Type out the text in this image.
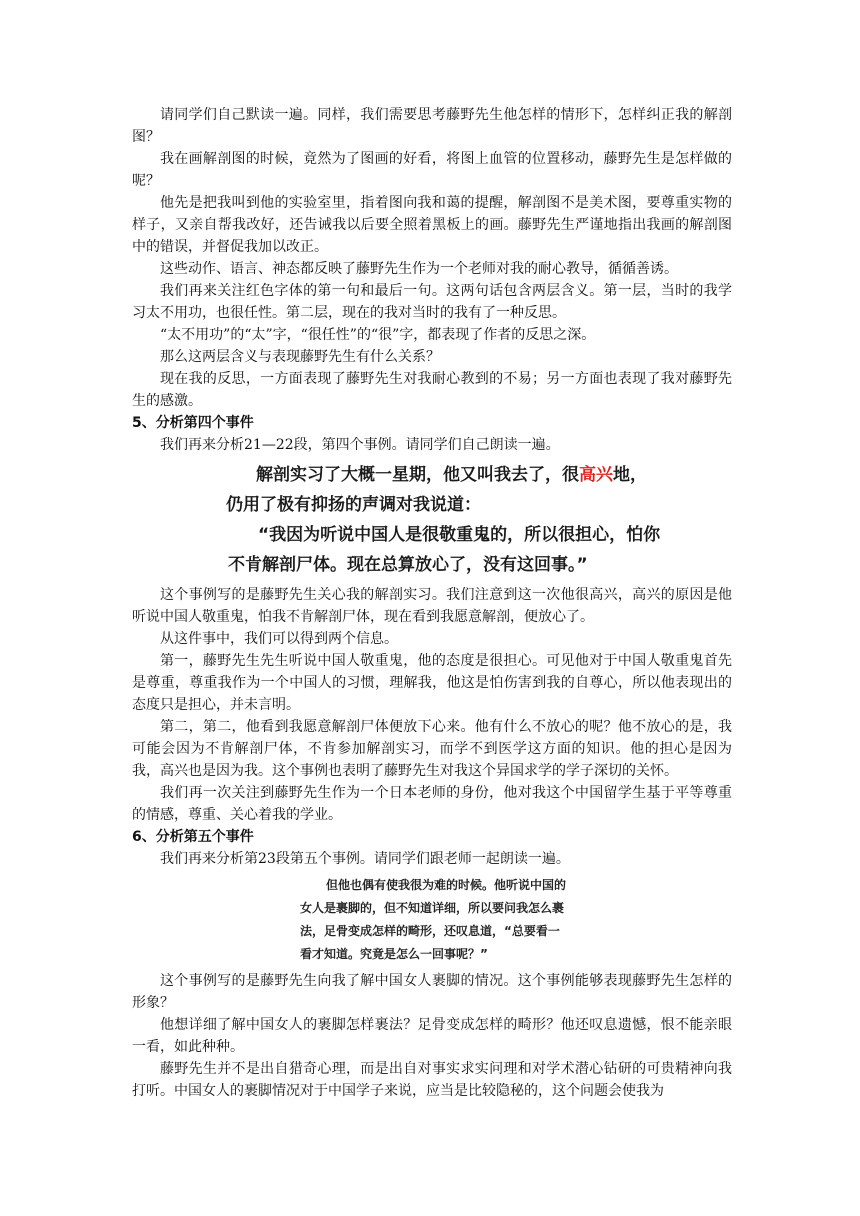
请同学们自己默读一遍。同样，我们需要思考藤野先生他怎样的情形下，怎样纠正我的解剖图？

我在画解剖图的时候，竟然为了图画的好看，将图上血管的位置移动，藤野先生是怎样做的呢？

他先是把我叫到他的实验室里，指着图向我和蔼的提醒，解剖图不是美术图，要尊重实物的样子，又亲自帮我改好，还告诫我以后要全照着黑板上的画。藤野先生严谨地指出我画的解剖图中的错误，并督促我加以改正。

这些动作、语言、神态都反映了藤野先生作为一个老师对我的耐心教导，循循善诱。

我们再来关注红色字体的第一句和最后一句。这两句话包含两层含义。第一层，当时的我学习太不用功，也很任性。第二层，现在的我对当时的我有了一种反思。

“太不用功”的“太”字，“很任性”的“很”字，都表现了作者的反思之深。

那么这两层含义与表现藤野先生有什么关系？

现在我的反思，一方面表现了藤野先生对我耐心教到的不易；另一方面也表现了我对藤野先生的感激。

5、分析第四个事件

我们再来分析21—22段，第四个事例。请同学们自己朗读一遍。

解剖实习了大概一星期，他又叫我去了，很高兴地，
仍用了极有抑扬的声调对我说道：
“我因为听说中国人是很敬重鬼的，所以很担心，怕你
不肯解剖尸体。现在总算放心了，没有这回事。”

这个事例写的是藤野先生关心我的解剖实习。我们注意到这一次他很高兴，高兴的原因是他听说中国人敬重鬼，怕我不肯解剖尸体，现在看到我愿意解剖，便放心了。

从这件事中，我们可以得到两个信息。

第一，藤野先生先生听说中国人敬重鬼，他的态度是很担心。可见他对于中国人敬重鬼首先是尊重，尊重我作为一个中国人的习惯，理解我，他这是怕伤害到我的自尊心，所以他表现出的态度只是担心，并未言明。

第二，第二，他看到我愿意解剖尸体便放下心来。他有什么不放心的呢？他不放心的是，我可能会因为不肯解剖尸体，不肯参加解剖实习，而学不到医学这方面的知识。他的担心是因为我，高兴也是因为我。这个事例也表明了藤野先生对我这个异国求学的学子深切的关怀。

我们再一次关注到藤野先生作为一个日本老师的身份，他对我这个中国留学生基于平等尊重的情感，尊重、关心着我的学业。

6、分析第五个事件

我们再来分析第23段第五个事例。请同学们跟老师一起朗读一遍。

但他也偶有使我很为难的时候。他听说中国的
女人是裹脚的，但不知道详细，所以要问我怎么裹
法，足骨变成怎样的畸形，还叹息道，“总要看一
看才知道。究竟是怎么一回事呢？”

这个事例写的是藤野先生向我了解中国女人裹脚的情况。这个事例能够表现藤野先生怎样的形象？

他想详细了解中国女人的裹脚怎样裹法？足骨变成怎样的畸形？他还叹息遗憾，恨不能亲眼一看，如此种种。

藤野先生并不是出自猎奇心理，而是出自对事实求实问理和对学术潜心钻研的可贵精神向我打听。中国女人的裹脚情况对于中国学子来说，应当是比较隐秘的，这个问题会使我为
